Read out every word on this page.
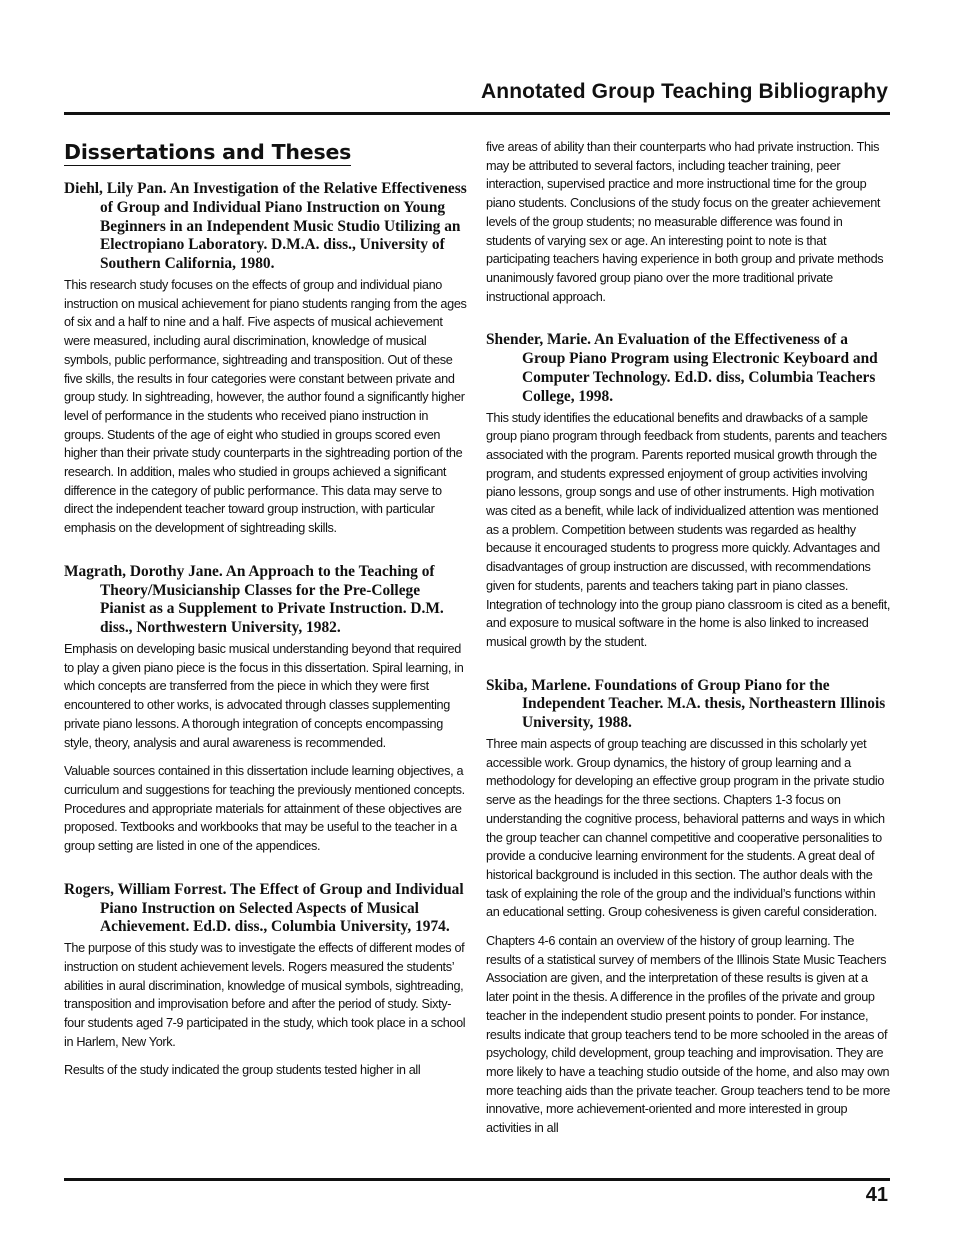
Annotated Group Teaching Bibliography
Dissertations and Theses
Diehl, Lily Pan. An Investigation of the Relative Effectiveness of Group and Individual Piano Instruction on Young Beginners in an Independent Music Studio Utilizing an Electropiano Laboratory. D.M.A. diss., University of Southern California, 1980.

This research study focuses on the effects of group and individual piano instruction on musical achievement for piano students ranging from the ages of six and a half to nine and a half. Five aspects of musical achievement were measured, including aural discrimination, knowledge of musical symbols, public performance, sightreading and transposition. Out of these five skills, the results in four categories were constant between private and group study. In sightreading, however, the author found a significantly higher level of performance in the students who received piano instruction in groups. Students of the age of eight who studied in groups scored even higher than their private study counterparts in the sightreading portion of the research. In addition, males who studied in groups achieved a significant difference in the category of public performance. This data may serve to direct the independent teacher toward group instruction, with particular emphasis on the development of sightreading skills.

Magrath, Dorothy Jane. An Approach to the Teaching of Theory/Musicianship Classes for the Pre-College Pianist as a Supplement to Private Instruction. D.M. diss., Northwestern University, 1982.

Emphasis on developing basic musical understanding beyond that required to play a given piano piece is the focus in this dissertation. Spiral learning, in which concepts are transferred from the piece in which they were first encountered to other works, is advocated through classes supplementing private piano lessons. A thorough integration of concepts encompassing style, theory, analysis and aural awareness is recommended.

Valuable sources contained in this dissertation include learning objectives, a curriculum and suggestions for teaching the previously mentioned concepts. Procedures and appropriate materials for attainment of these objectives are proposed. Textbooks and workbooks that may be useful to the teacher in a group setting are listed in one of the appendices.

Rogers, William Forrest. The Effect of Group and Individual Piano Instruction on Selected Aspects of Musical Achievement. Ed.D. diss., Columbia University, 1974.

The purpose of this study was to investigate the effects of different modes of instruction on student achievement levels. Rogers measured the students’ abilities in aural discrimination, knowledge of musical symbols, sightreading, transposition and improvisation before and after the period of study. Sixty-four students aged 7-9 participated in the study, which took place in a school in Harlem, New York.

Results of the study indicated the group students tested higher in all

five areas of ability than their counterparts who had private instruction. This may be attributed to several factors, including teacher training, peer interaction, supervised practice and more instructional time for the group piano students. Conclusions of the study focus on the greater achievement levels of the group students; no measurable difference was found in students of varying sex or age. An interesting point to note is that participating teachers having experience in both group and private methods unanimously favored group piano over the more traditional private instructional approach.

Shender, Marie. An Evaluation of the Effectiveness of a Group Piano Program using Electronic Keyboard and Computer Technology. Ed.D. diss, Columbia Teachers College, 1998.

This study identifies the educational benefits and drawbacks of a sample group piano program through feedback from students, parents and teachers associated with the program. Parents reported musical growth through the program, and students expressed enjoyment of group activities involving piano lessons, group songs and use of other instruments. High motivation was cited as a benefit, while lack of individualized attention was mentioned as a problem. Competition between students was regarded as healthy because it encouraged students to progress more quickly. Advantages and disadvantages of group instruction are discussed, with recommendations given for students, parents and teachers taking part in piano classes. Integration of technology into the group piano classroom is cited as a benefit, and exposure to musical software in the home is also linked to increased musical growth by the student.

Skiba, Marlene. Foundations of Group Piano for the Independent Teacher. M.A. thesis, Northeastern Illinois University, 1988.

Three main aspects of group teaching are discussed in this scholarly yet accessible work. Group dynamics, the history of group learning and a methodology for developing an effective group program in the private studio serve as the headings for the three sections. Chapters 1-3 focus on understanding the cognitive process, behavioral patterns and ways in which the group teacher can channel competitive and cooperative personalities to provide a conducive learning environment for the students. A great deal of historical background is included in this section. The author deals with the task of explaining the role of the group and the individual’s functions within an educational setting. Group cohesiveness is given careful consideration.

Chapters 4-6 contain an overview of the history of group learning. The results of a statistical survey of members of the Illinois State Music Teachers Association are given, and the interpretation of these results is given at a later point in the thesis. A difference in the profiles of the private and group teacher in the independent studio present points to ponder. For instance, results indicate that group teachers tend to be more schooled in the areas of psychology, child development, group teaching and improvisation. They are more likely to have a teaching studio outside of the home, and also may own more teaching aids than the private teacher. Group teachers tend to be more innovative, more achievement-oriented and more interested in group activities in all

41
